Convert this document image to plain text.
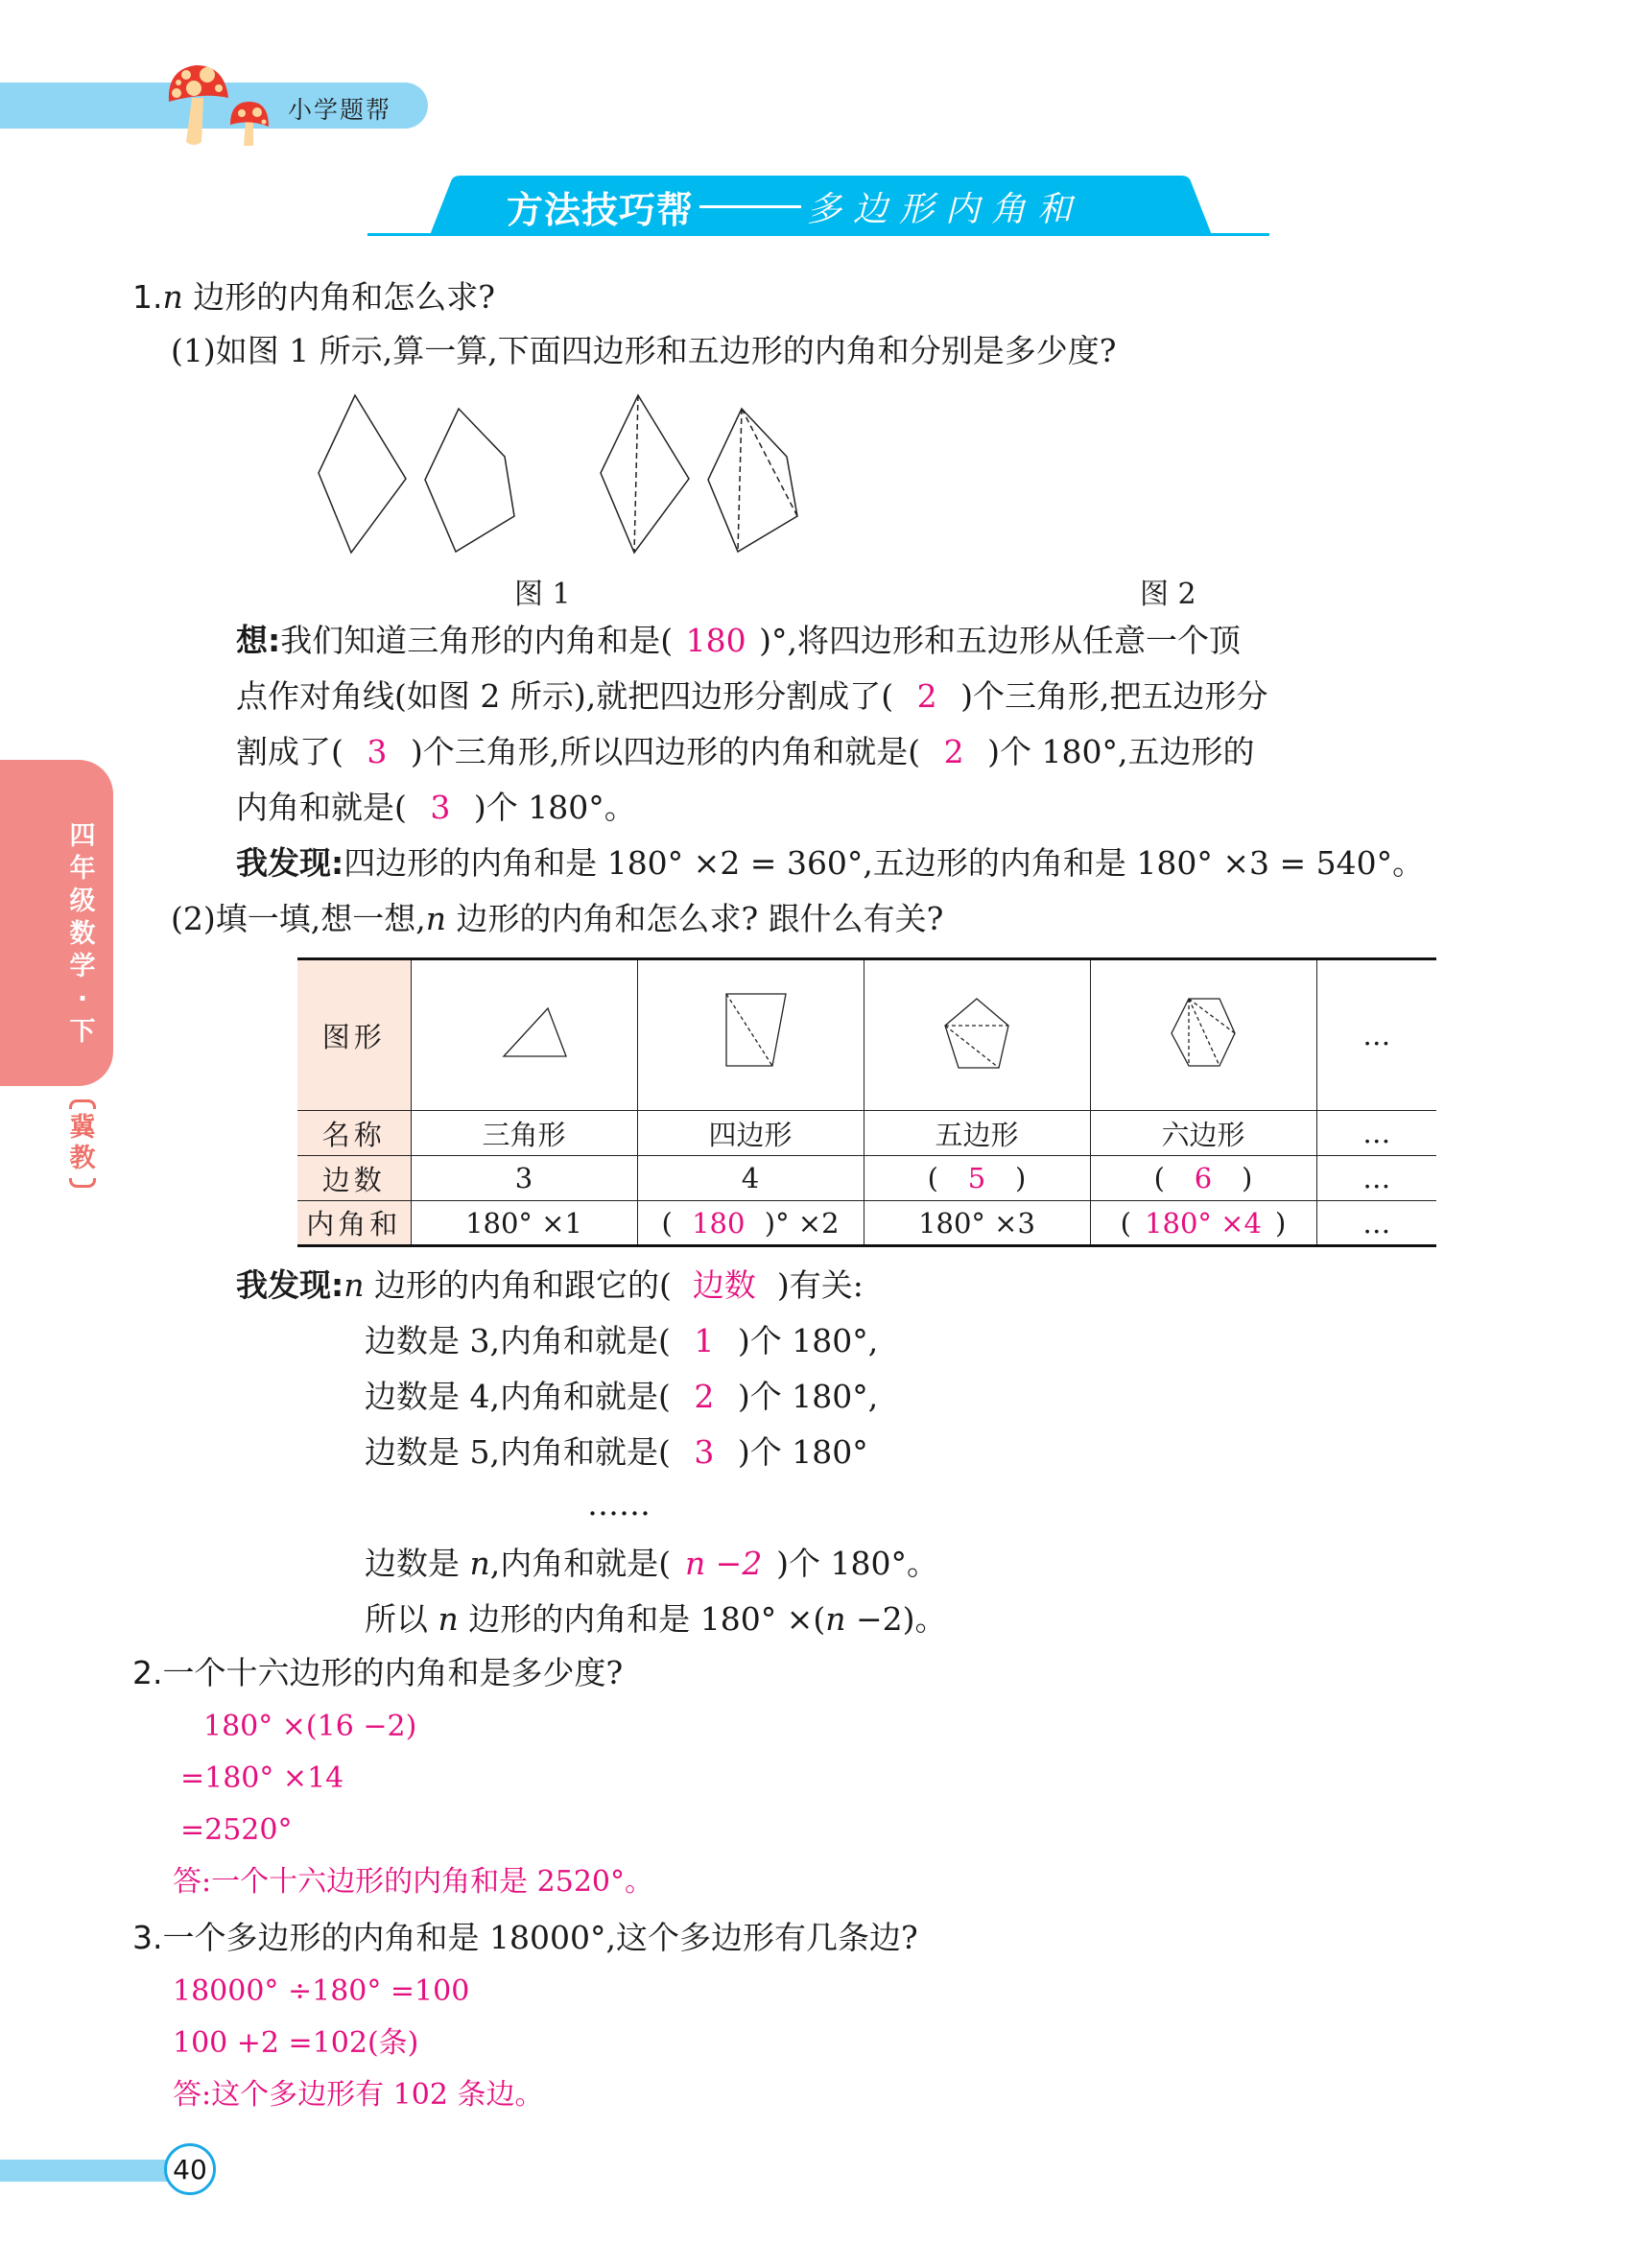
小学题帮
方法技巧帮	多边形内角和
四
年
级
数
学
·
下
冀
教
1.n 边形的内角和怎么求?
(1)如图 1 所示,算一算,下面四边形和五边形的内角和分别是多少度?
图 1	图 2
想:我们知道三角形的内角和是( 180 )°,将四边形和五边形从任意一个顶
点作对角线(如图 2 所示),就把四边形分割成了( 2 )个三角形,把五边形分
割成了( 3 )个三角形,所以四边形的内角和就是( 2 )个 180°,五边形的
内角和就是( 3 )个 180°。
我发现:四边形的内角和是 180° ×2 = 360°,五边形的内角和是 180° ×3 = 540°。
(2)填一填,想一想,n 边形的内角和怎么求? 跟什么有关?
图形					…
名称	三角形	四边形	五边形	六边形	…
边数	3	4	( 5 )	( 6 )	…
内角和	180° ×1	( 180 )° ×2	180° ×3	( 180° ×4 )	…
我发现:n 边形的内角和跟它的( 边数 )有关:
边数是 3,内角和就是( 1 )个 180°,
边数是 4,内角和就是( 2 )个 180°,
边数是 5,内角和就是( 3 )个 180°
……
边数是 n,内角和就是( n −2 )个 180°。
所以 n 边形的内角和是 180° ×(n −2)。
2.一个十六边形的内角和是多少度?
180° ×(16 −2)
=180° ×14
=2520°
答:一个十六边形的内角和是 2520°。
3.一个多边形的内角和是 18000°,这个多边形有几条边?
18000° ÷180° =100
100 +2 =102(条)
答:这个多边形有 102 条边。
40
